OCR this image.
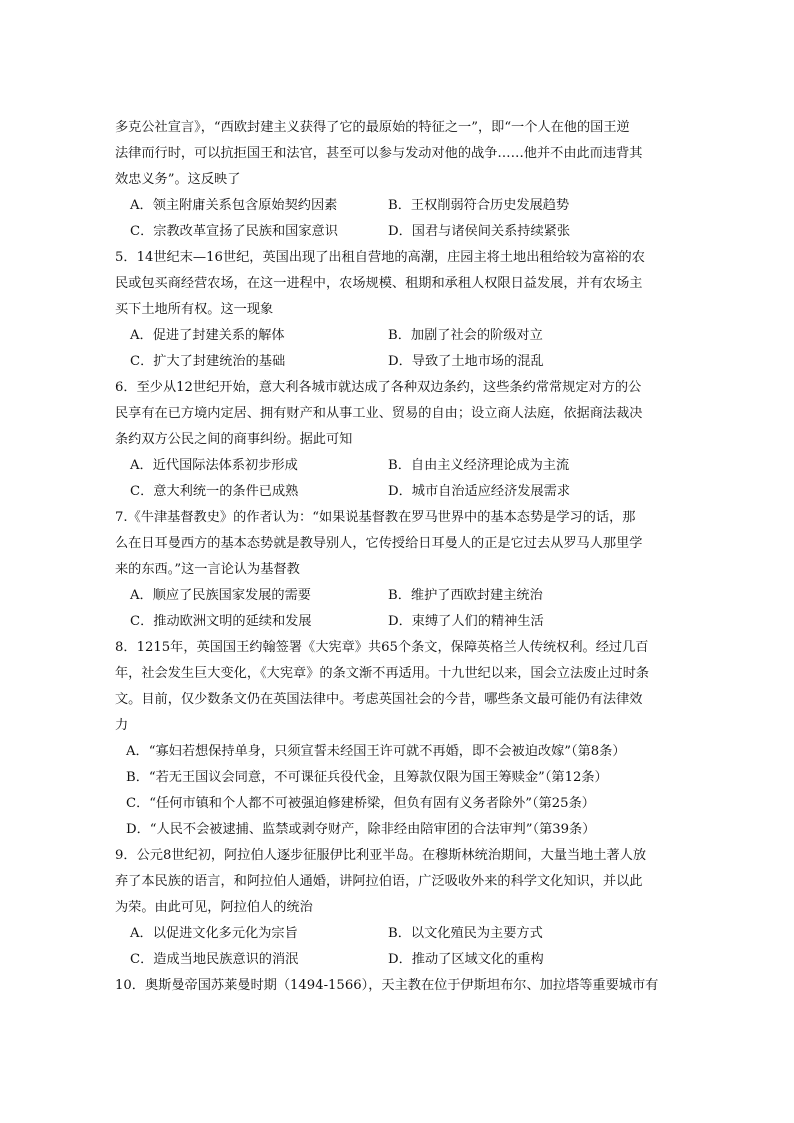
多克公社宣言》，“西欧封建主义获得了它的最原始的特征之一”，即“一个人在他的国王逆
法律而行时，可以抗拒国王和法官，甚至可以参与发动对他的战争……他并不由此而违背其
效忠义务”。这反映了
A．领主附庸关系包含原始契约因素	B．王权削弱符合历史发展趋势
C．宗教改革宣扬了民族和国家意识	D．国君与诸侯间关系持续紧张
5．14世纪末—16世纪，英国出现了出租自营地的高潮，庄园主将土地出租给较为富裕的农
民或包买商经营农场，在这一进程中，农场规模、租期和承租人权限日益发展，并有农场主
买下土地所有权。这一现象
A．促进了封建关系的解体	B．加剧了社会的阶级对立
C．扩大了封建统治的基础	D．导致了土地市场的混乱
6．至少从12世纪开始，意大利各城市就达成了各种双边条约，这些条约常常规定对方的公
民享有在已方境内定居、拥有财产和从事工业、贸易的自由；设立商人法庭，依据商法裁决
条约双方公民之间的商事纠纷。据此可知
A．近代国际法体系初步形成	B．自由主义经济理论成为主流
C．意大利统一的条件已成熟	D．城市自治适应经济发展需求
7.《牛津基督教史》的作者认为：“如果说基督教在罗马世界中的基本态势是学习的话，那
么在日耳曼西方的基本态势就是教导别人，它传授给日耳曼人的正是它过去从罗马人那里学
来的东西。”这一言论认为基督教
A．顺应了民族国家发展的需要	B．维护了西欧封建主统治
C．推动欧洲文明的延续和发展	D．束缚了人们的精神生活
8．1215年，英国国王约翰签署《大宪章》共65个条文，保障英格兰人传统权利。经过几百
年，社会发生巨大变化，《大宪章》的条文渐不再适用。十九世纪以来，国会立法废止过时条
文。目前，仅少数条文仍在英国法律中。考虑英国社会的今昔，哪些条文最可能仍有法律效
力
A．“寡妇若想保持单身，只须宣誓未经国王许可就不再婚，即不会被迫改嫁”（第8条）
B．“若无王国议会同意，不可课征兵役代金，且筹款仅限为国王筹赎金”（第12条）
C．“任何市镇和个人都不可被强迫修建桥梁，但负有固有义务者除外”（第25条）
D．“人民不会被逮捕、监禁或剥夺财产，除非经由陪审团的合法审判”（第39条）
9．公元8世纪初，阿拉伯人逐步征服伊比利亚半岛。在穆斯林统治期间，大量当地土著人放
弃了本民族的语言，和阿拉伯人通婚，讲阿拉伯语，广泛吸收外来的科学文化知识，并以此
为荣。由此可见，阿拉伯人的统治
A．以促进文化多元化为宗旨	B．以文化殖民为主要方式
C．造成当地民族意识的消泯	D．推动了区域文化的重构
10．奥斯曼帝国苏莱曼时期（1494-1566），天主教在位于伊斯坦布尔、加拉塔等重要城市有
